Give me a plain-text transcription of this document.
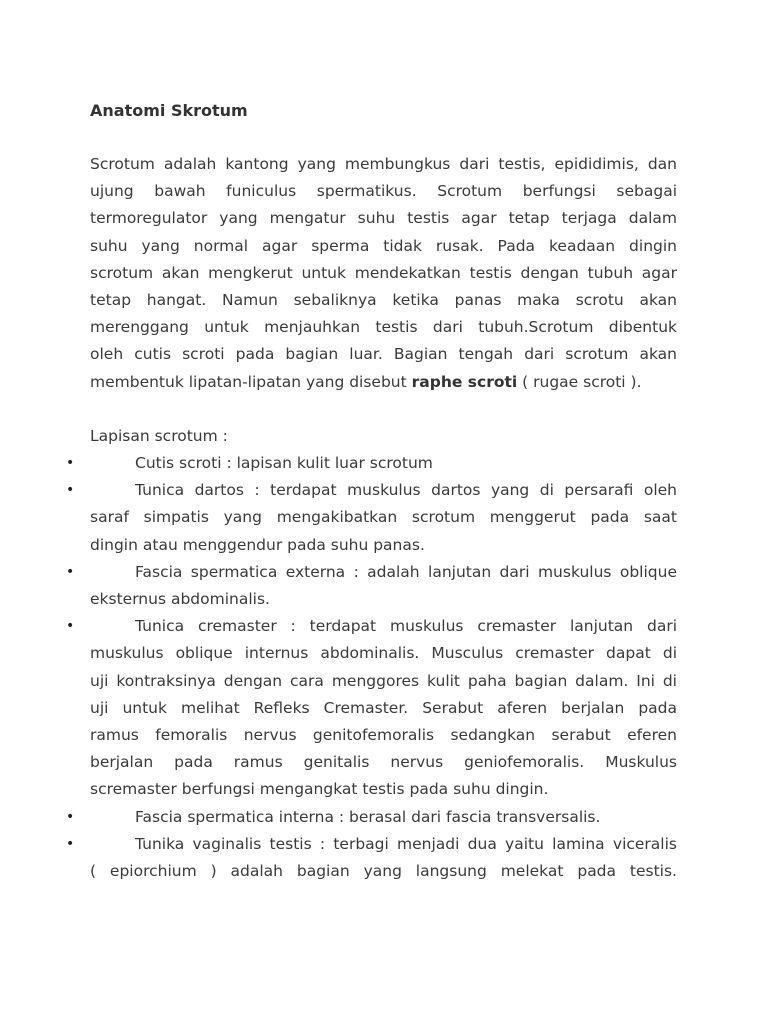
Anatomi Skrotum
Scrotum adalah kantong yang membungkus dari testis, epididimis, dan
ujung bawah funiculus spermatikus. Scrotum berfungsi sebagai
termoregulator yang mengatur suhu testis agar tetap terjaga dalam
suhu yang normal agar sperma tidak rusak. Pada keadaan dingin
scrotum akan mengkerut untuk mendekatkan testis dengan tubuh agar
tetap hangat. Namun sebaliknya ketika panas maka scrotu akan
merenggang untuk menjauhkan testis dari tubuh.Scrotum dibentuk
oleh cutis scroti pada bagian luar. Bagian tengah dari scrotum akan
membentuk lipatan-lipatan yang disebut raphe scroti ( rugae scroti ).
Lapisan scrotum :
•	Cutis scroti : lapisan kulit luar scrotum
•	Tunica dartos : terdapat muskulus dartos yang di persarafi oleh
saraf simpatis yang mengakibatkan scrotum menggerut pada saat
dingin atau menggendur pada suhu panas.
•	Fascia spermatica externa : adalah lanjutan dari muskulus oblique
eksternus abdominalis.
•	Tunica cremaster : terdapat muskulus cremaster lanjutan dari
muskulus oblique internus abdominalis. Musculus cremaster dapat di
uji kontraksinya dengan cara menggores kulit paha bagian dalam. Ini di
uji untuk melihat Refleks Cremaster. Serabut aferen berjalan pada
ramus femoralis nervus genitofemoralis sedangkan serabut eferen
berjalan pada ramus genitalis nervus geniofemoralis. Muskulus
scremaster berfungsi mengangkat testis pada suhu dingin.
•	Fascia spermatica interna : berasal dari fascia transversalis.
•	Tunika vaginalis testis : terbagi menjadi dua yaitu lamina viceralis
( epiorchium ) adalah bagian yang langsung melekat pada testis.
